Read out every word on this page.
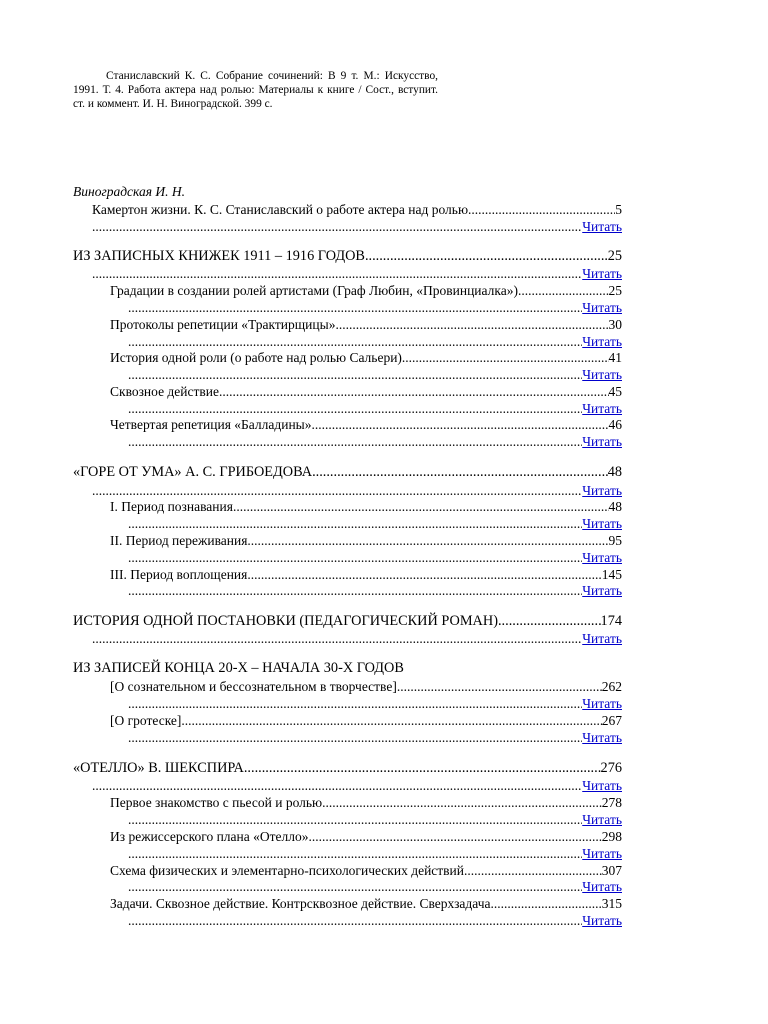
Станиславский К. С. Собрание сочинений: В 9 т. М.: Искусство, 1991. Т. 4. Работа актера над ролью: Материалы к книге / Сост., вступит. ст. и коммент. И. Н. Виноградской. 399 с.
Виноградская И. Н.
Камертон жизни. К. С. Станиславский о работе актера над ролью .....	5
.....
Читать
ИЗ ЗАПИСНЫХ КНИЖЕК 1911 – 1916 ГОДОВ .....	25
.....
Читать
Градации в создании ролей артистами (Граф Любин, «Провинциалка») .....	25
.....
Читать
Протоколы репетиции «Трактирщицы» .....	30
.....
Читать
История одной роли (о работе над ролью Сальери) .....	41
.....
Читать
Сквозное действие .....	45
.....
Читать
Четвертая репетиция «Балладины» .....	46
.....
Читать
«ГОРЕ ОТ УМА» А. С. ГРИБОЕДОВА .....	48
.....
Читать
I. Период познавания .....	48
.....
Читать
II. Период переживания .....	95
.....
Читать
III. Период воплощения .....	145
.....
Читать
ИСТОРИЯ ОДНОЙ ПОСТАНОВКИ (ПЕДАГОГИЧЕСКИЙ РОМАН) .....	174
.....
Читать
ИЗ ЗАПИСЕЙ КОНЦА 20-Х – НАЧАЛА 30-Х ГОДОВ
[О сознательном и бессознательном в творчестве] .....	262
.....
Читать
[О гротеске] .....	267
.....
Читать
«ОТЕЛЛО» В. ШЕКСПИРА .....	276
.....
Читать
Первое знакомство с пьесой и ролью .....	278
.....
Читать
Из режиссерского плана «Отелло» .....	298
.....
Читать
Схема физических и элементарно-психологических действий .....	307
.....
Читать
Задачи. Сквозное действие. Контрсквозное действие. Сверхзадача .....	315
.....
Читать
